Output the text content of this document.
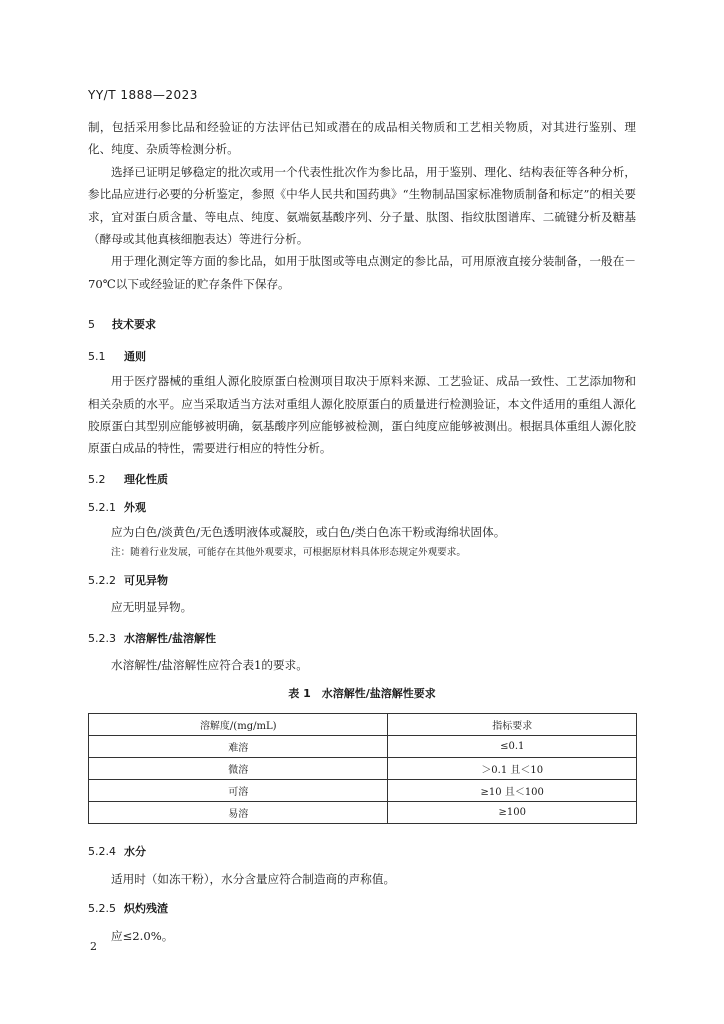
YY/T 1888—2023

制，包括采用参比品和经验证的方法评估已知或潜在的成品相关物质和工艺相关物质，对其进行鉴别、理化、纯度、杂质等检测分析。

选择已证明足够稳定的批次或用一个代表性批次作为参比品，用于鉴别、理化、结构表征等各种分析，参比品应进行必要的分析鉴定，参照《中华人民共和国药典》“生物制品国家标准物质制备和标定”的相关要求，宜对蛋白质含量、等电点、纯度、氨端氨基酸序列、分子量、肽图、指纹肽图谱库、二硫键分析及糖基（酵母或其他真核细胞表达）等进行分析。

用于理化测定等方面的参比品，如用于肽图或等电点测定的参比品，可用原液直接分装制备，一般在－70℃以下或经验证的贮存条件下保存。

5 技术要求
5.1 通则

用于医疗器械的重组人源化胶原蛋白检测项目取决于原料来源、工艺验证、成品一致性、工艺添加物和相关杂质的水平。应当采取适当方法对重组人源化胶原蛋白的质量进行检测验证，本文件适用的重组人源化胶原蛋白其型别应能够被明确，氨基酸序列应能够被检测，蛋白纯度应能够被测出。根据具体重组人源化胶原蛋白成品的特性，需要进行相应的特性分析。

5.2 理化性质
5.2.1 外观

应为白色/淡黄色/无色透明液体或凝胶，或白色/类白色冻干粉或海绵状固体。

注：随着行业发展，可能存在其他外观要求，可根据原材料具体形态规定外观要求。
5.2.2 可见异物

应无明显异物。

5.2.3 水溶解性/盐溶解性

水溶解性/盐溶解性应符合表1的要求。

表 1　水溶解性/盐溶解性要求
溶解度/(mg/mL)	指标要求
难溶	≤0.1
微溶	＞0.1 且＜10
可溶	≥10 且＜100
易溶	≥100
5.2.4 水分

适用时（如冻干粉），水分含量应符合制造商的声称值。

5.2.5 炽灼残渣

应≤2.0%。

2
